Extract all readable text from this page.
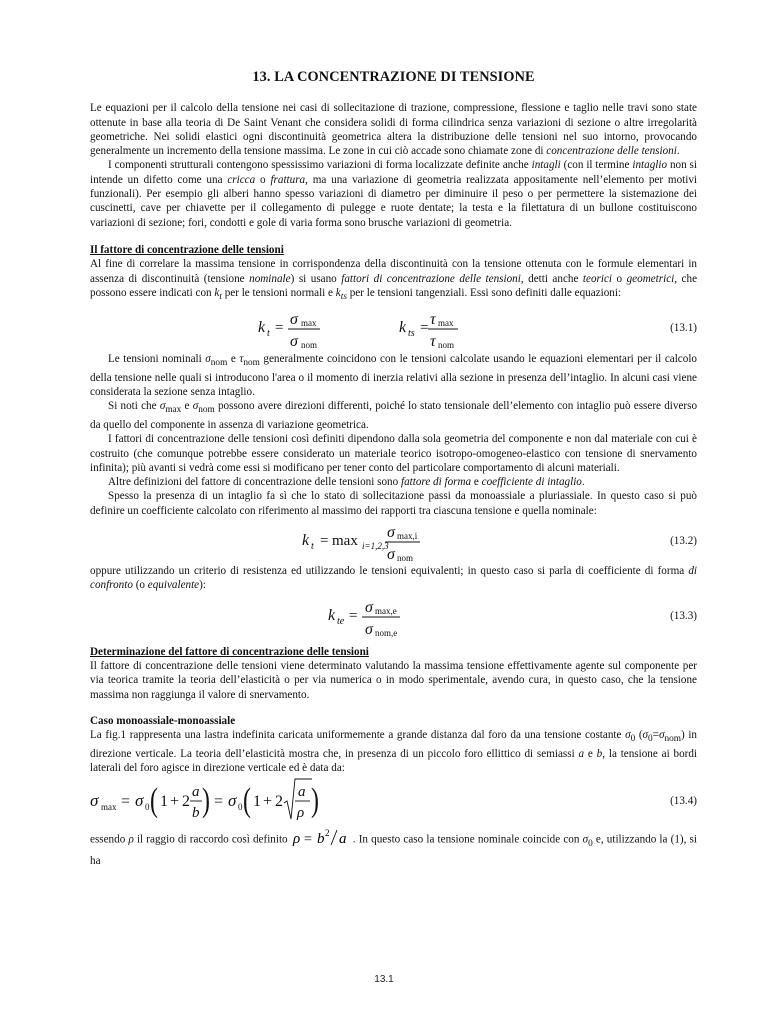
13. LA CONCENTRAZIONE DI TENSIONE

Le equazioni per il calcolo della tensione nei casi di sollecitazione di trazione, compressione, flessione e taglio nelle travi sono state ottenute in base alla teoria di De Saint Venant che considera solidi di forma cilindrica senza variazioni di sezione o altre irregolarità geometriche. Nei solidi elastici ogni discontinuità geometrica altera la distribuzione delle tensioni nel suo intorno, provocando generalmente un incremento della tensione massima. Le zone in cui ciò accade sono chiamate zone di concentrazione delle tensioni.

I componenti strutturali contengono spessissimo variazioni di forma localizzate definite anche intagli (con il termine intaglio non si intende un difetto come una cricca o frattura, ma una variazione di geometria realizzata appositamente nell’elemento per motivi funzionali). Per esempio gli alberi hanno spesso variazioni di diametro per diminuire il peso o per permettere la sistemazione dei cuscinetti, cave per chiavette per il collegamento di pulegge e ruote dentate; la testa e la filettatura di un bullone costituiscono variazioni di sezione; fori, condotti e gole di varia forma sono brusche variazioni di geometria.

Il fattore di concentrazione delle tensioni

Al fine di correlare la massima tensione in corrispondenza della discontinuità con la tensione ottenuta con le formule elementari in assenza di discontinuità (tensione nominale) si usano fattori di concentrazione delle tensioni, detti anche teorici o geometrici, che possono essere indicati con $k_t$ per le tensioni normali e $k_{ts}$ per le tensioni tangenziali. Essi sono definiti dalle equazioni:

k t = σ max
σ nom
k ts = τ max
τ nom
(13.1)

Le tensioni nominali $\sigma_{nom}$ e $\tau_{nom}$ generalmente coincidono con le tensioni calcolate usando le equazioni elementari per il calcolo della tensione nelle quali si introducono l'area o il momento di inerzia relativi alla sezione in presenza dell’intaglio. In alcuni casi viene considerata la sezione senza intaglio.

Si noti che $\sigma_{max}$ e $\sigma_{nom}$ possono avere direzioni differenti, poiché lo stato tensionale dell’elemento con intaglio può essere diverso da quello del componente in assenza di variazione geometrica.

I fattori di concentrazione delle tensioni così definiti dipendono dalla sola geometria del componente e non dal materiale con cui è costruito (che comunque potrebbe essere considerato un materiale teorico isotropo-omogeneo-elastico con tensione di snervamento infinita); più avanti si vedrà come essi si modificano per tener conto del particolare comportamento di alcuni materiali.

Altre definizioni del fattore di concentrazione delle tensioni sono fattore di forma e coefficiente di intaglio.

Spesso la presenza di un intaglio fa sì che lo stato di sollecitazione passi da monoassiale a pluriassiale. In questo caso si può definire un coefficiente calcolato con riferimento al massimo dei rapporti tra ciascuna tensione e quella nominale:

k t = max i=1,2,3
σ max,i
σ nom
(13.2)

oppure utilizzando un criterio di resistenza ed utilizzando le tensioni equivalenti; in questo caso si parla di coefficiente di forma di confronto (o equivalente):

k te = σ max,e
σ nom,e
(13.3)
Determinazione del fattore di concentrazione delle tensioni

Il fattore di concentrazione delle tensioni viene determinato valutando la massima tensione effettivamente agente sul componente per via teorica tramite la teoria dell’elasticità o per via numerica o in modo sperimentale, avendo cura, in questo caso, che la tensione massima non raggiunga il valore di snervamento.

Caso monoassiale-monoassiale

La fig.1 rappresenta una lastra indefinita caricata uniformemente a grande distanza dal foro da una tensione costante $\sigma_0$ $(\sigma_0=\sigma_{nom})$ in direzione verticale. La teoria dell’elasticità mostra che, in presenza di un piccolo foro ellittico di semiassi a e b, la tensione ai bordi laterali del foro agisce in direzione verticale ed è data da:

σ max = σ 0 ( 1 + 2
a
b ) = σ 0 ( 1 + 2
a
ρ )	(13.4)

essendo ρ il raggio di raccordo così definito ρ = b 2 a . In questo caso la tensione nominale coincide con $\sigma_0$ e, utilizzando la (1), si ha

13.1
